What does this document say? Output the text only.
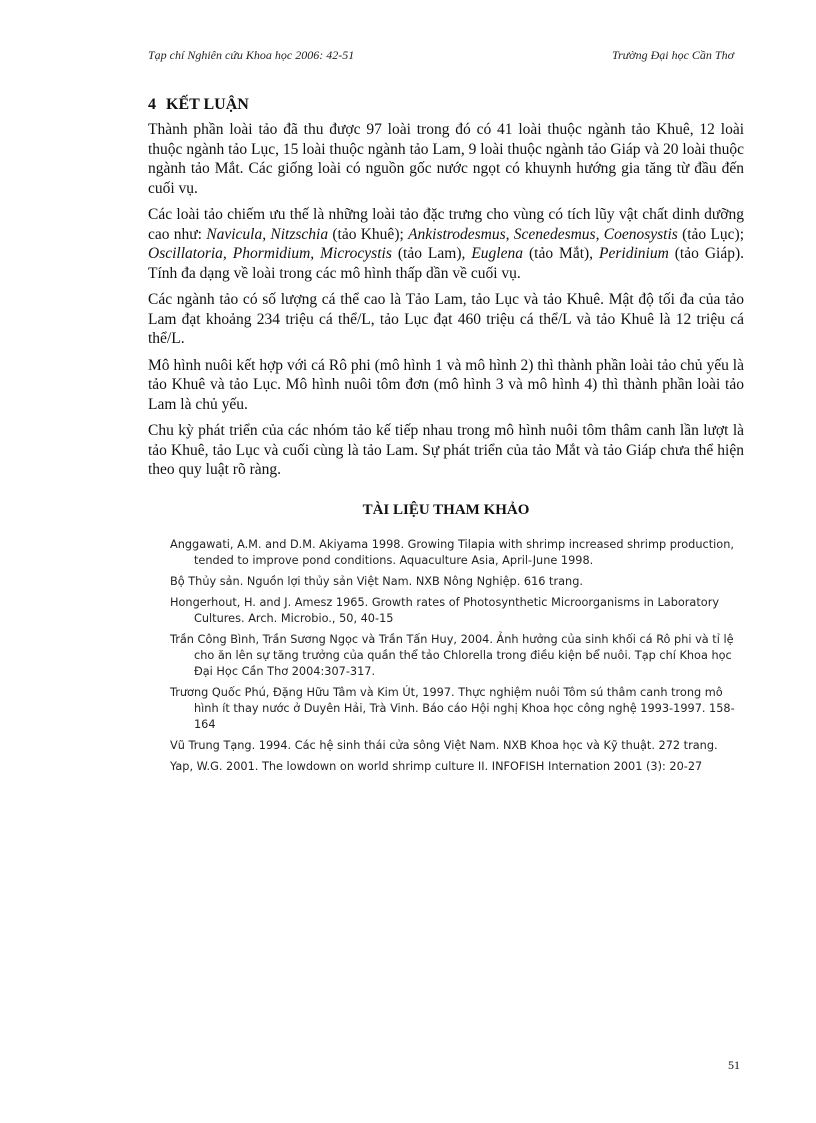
Tạp chí Nghiên cứu Khoa học 2006: 42-51	Trường Đại học Cần Thơ
4 KẾT LUẬN

Thành phần loài tảo đã thu được 97 loài trong đó có 41 loài thuộc ngành tảo Khuê, 12 loài thuộc ngành tảo Lục, 15 loài thuộc ngành tảo Lam, 9 loài thuộc ngành tảo Giáp và 20 loài thuộc ngành tảo Mắt. Các giống loài có nguồn gốc nước ngọt có khuynh hướng gia tăng từ đầu đến cuối vụ.

Các loài tảo chiếm ưu thế là những loài tảo đặc trưng cho vùng có tích lũy vật chất dinh dưỡng cao như: Navicula, Nitzschia (tảo Khuê); Ankistrodesmus, Scenedesmus, Coenosystis (tảo Lục); Oscillatoria, Phormidium, Microcystis (tảo Lam), Euglena (tảo Mắt), Peridinium (tảo Giáp). Tính đa dạng về loài trong các mô hình thấp dần về cuối vụ.

Các ngành tảo có số lượng cá thể cao là Tảo Lam, tảo Lục và tảo Khuê. Mật độ tối đa của tảo Lam đạt khoảng 234 triệu cá thể/L, tảo Lục đạt 460 triệu cá thể/L và tảo Khuê là 12 triệu cá thể/L.

Mô hình nuôi kết hợp với cá Rô phi (mô hình 1 và mô hình 2) thì thành phần loài tảo chủ yếu là tảo Khuê và tảo Lục. Mô hình nuôi tôm đơn (mô hình 3 và mô hình 4) thì thành phần loài tảo Lam là chủ yếu.

Chu kỳ phát triển của các nhóm tảo kế tiếp nhau trong mô hình nuôi tôm thâm canh lần lượt là tảo Khuê, tảo Lục và cuối cùng là tảo Lam. Sự phát triển của tảo Mắt và tảo Giáp chưa thể hiện theo quy luật rõ ràng.

TÀI LIỆU THAM KHẢO
Anggawati, A.M. and D.M. Akiyama 1998. Growing Tilapia with shrimp increased shrimp production, tended to improve pond conditions. Aquaculture Asia, April-June 1998.
Bộ Thủy sản. Nguồn lợi thủy sản Việt Nam. NXB Nông Nghiệp. 616 trang.
Hongerhout, H. and J. Amesz 1965. Growth rates of Photosynthetic Microorganisms in Laboratory Cultures. Arch. Microbio., 50, 40-15
Trần Công Bình, Trần Sương Ngọc và Trần Tấn Huy, 2004. Ảnh hưởng của sinh khối cá Rô phi và tỉ lệ cho ăn lên sự tăng trưởng của quần thể tảo Chlorella trong điều kiện bể nuôi. Tạp chí Khoa học Đại Học Cần Thơ 2004:307-317.
Trương Quốc Phú, Đặng Hữu Tâm và Kim Út, 1997. Thực nghiệm nuôi Tôm sú thâm canh trong mô hình ít thay nước ở Duyên Hải, Trà Vinh. Báo cáo Hội nghị Khoa học công nghệ 1993-1997. 158-164
Vũ Trung Tạng. 1994. Các hệ sinh thái cửa sông Việt Nam. NXB Khoa học và Kỹ thuật. 272 trang.
Yap, W.G. 2001. The lowdown on world shrimp culture II. INFOFISH Internation 2001 (3): 20-27
51
